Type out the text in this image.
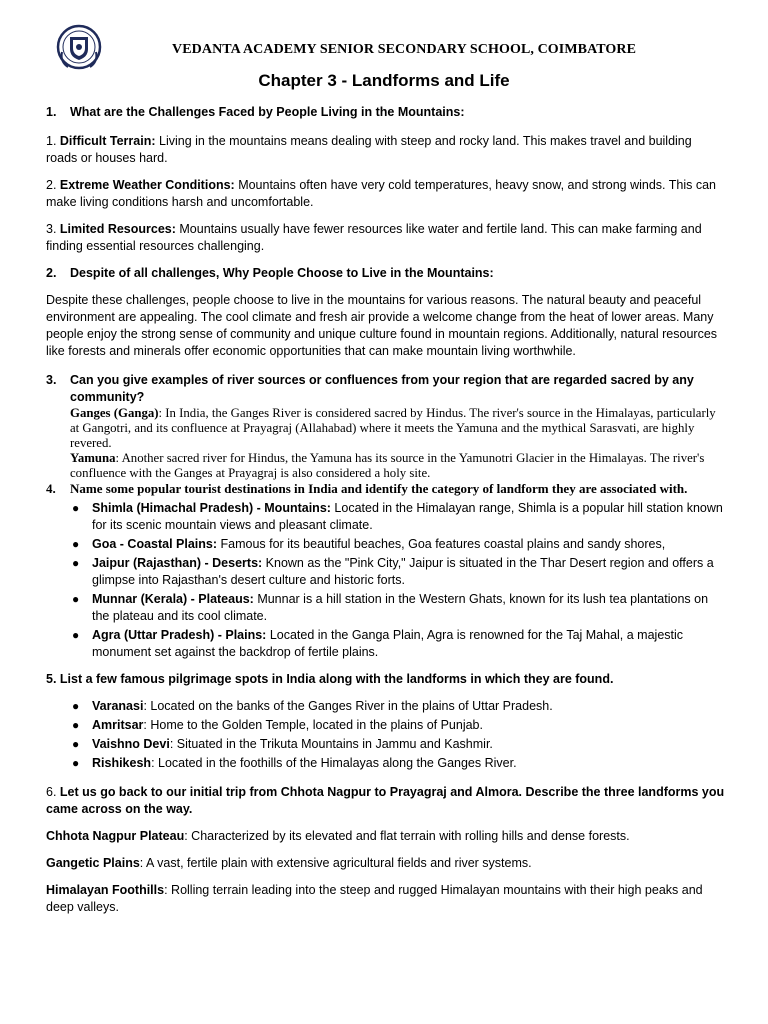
VEDANTA ACADEMY SENIOR SECONDARY SCHOOL, COIMBATORE
Chapter 3 - Landforms and Life
1.	What are the Challenges Faced by People Living in the Mountains:

1. Difficult Terrain: Living in the mountains means dealing with steep and rocky land. This makes travel and building roads or houses hard.

2. Extreme Weather Conditions: Mountains often have very cold temperatures, heavy snow, and strong winds. This can make living conditions harsh and uncomfortable.

3. Limited Resources: Mountains usually have fewer resources like water and fertile land. This can make farming and finding essential resources challenging.

2.	Despite of all challenges, Why People Choose to Live in the Mountains:

Despite these challenges, people choose to live in the mountains for various reasons. The natural beauty and peaceful environment are appealing. The cool climate and fresh air provide a welcome change from the heat of lower areas. Many people enjoy the strong sense of community and unique culture found in mountain regions. Additionally, natural resources like forests and minerals offer economic opportunities that can make mountain living worthwhile.

3.	Can you give examples of river sources or confluences from your region that are regarded sacred by any community?

Ganges (Ganga): In India, the Ganges River is considered sacred by Hindus. The river's source in the Himalayas, particularly at Gangotri, and its confluence at Prayagraj (Allahabad) where it meets the Yamuna and the mythical Sarasvati, are highly revered.

Yamuna: Another sacred river for Hindus, the Yamuna has its source in the Yamunotri Glacier in the Himalayas. The river's confluence with the Ganges at Prayagraj is also considered a holy site.

4.	Name some popular tourist destinations in India and identify the category of landform they are associated with.
● Shimla (Himachal Pradesh) - Mountains: Located in the Himalayan range, Shimla is a popular hill station known for its scenic mountain views and pleasant climate.
● Goa - Coastal Plains: Famous for its beautiful beaches, Goa features coastal plains and sandy shores,
● Jaipur (Rajasthan) - Deserts: Known as the "Pink City," Jaipur is situated in the Thar Desert region and offers a glimpse into Rajasthan's desert culture and historic forts.
● Munnar (Kerala) - Plateaus: Munnar is a hill station in the Western Ghats, known for its lush tea plantations on the plateau and its cool climate.
● Agra (Uttar Pradesh) - Plains: Located in the Ganga Plain, Agra is renowned for the Taj Mahal, a majestic monument set against the backdrop of fertile plains.

5. List a few famous pilgrimage spots in India along with the landforms in which they are found.

● Varanasi: Located on the banks of the Ganges River in the plains of Uttar Pradesh.
● Amritsar: Home to the Golden Temple, located in the plains of Punjab.
● Vaishno Devi: Situated in the Trikuta Mountains in Jammu and Kashmir.
● Rishikesh: Located in the foothills of the Himalayas along the Ganges River.

6. Let us go back to our initial trip from Chhota Nagpur to Prayagraj and Almora. Describe the three landforms you came across on the way.

Chhota Nagpur Plateau: Characterized by its elevated and flat terrain with rolling hills and dense forests.

Gangetic Plains: A vast, fertile plain with extensive agricultural fields and river systems.

Himalayan Foothills: Rolling terrain leading into the steep and rugged Himalayan mountains with their high peaks and deep valleys.
